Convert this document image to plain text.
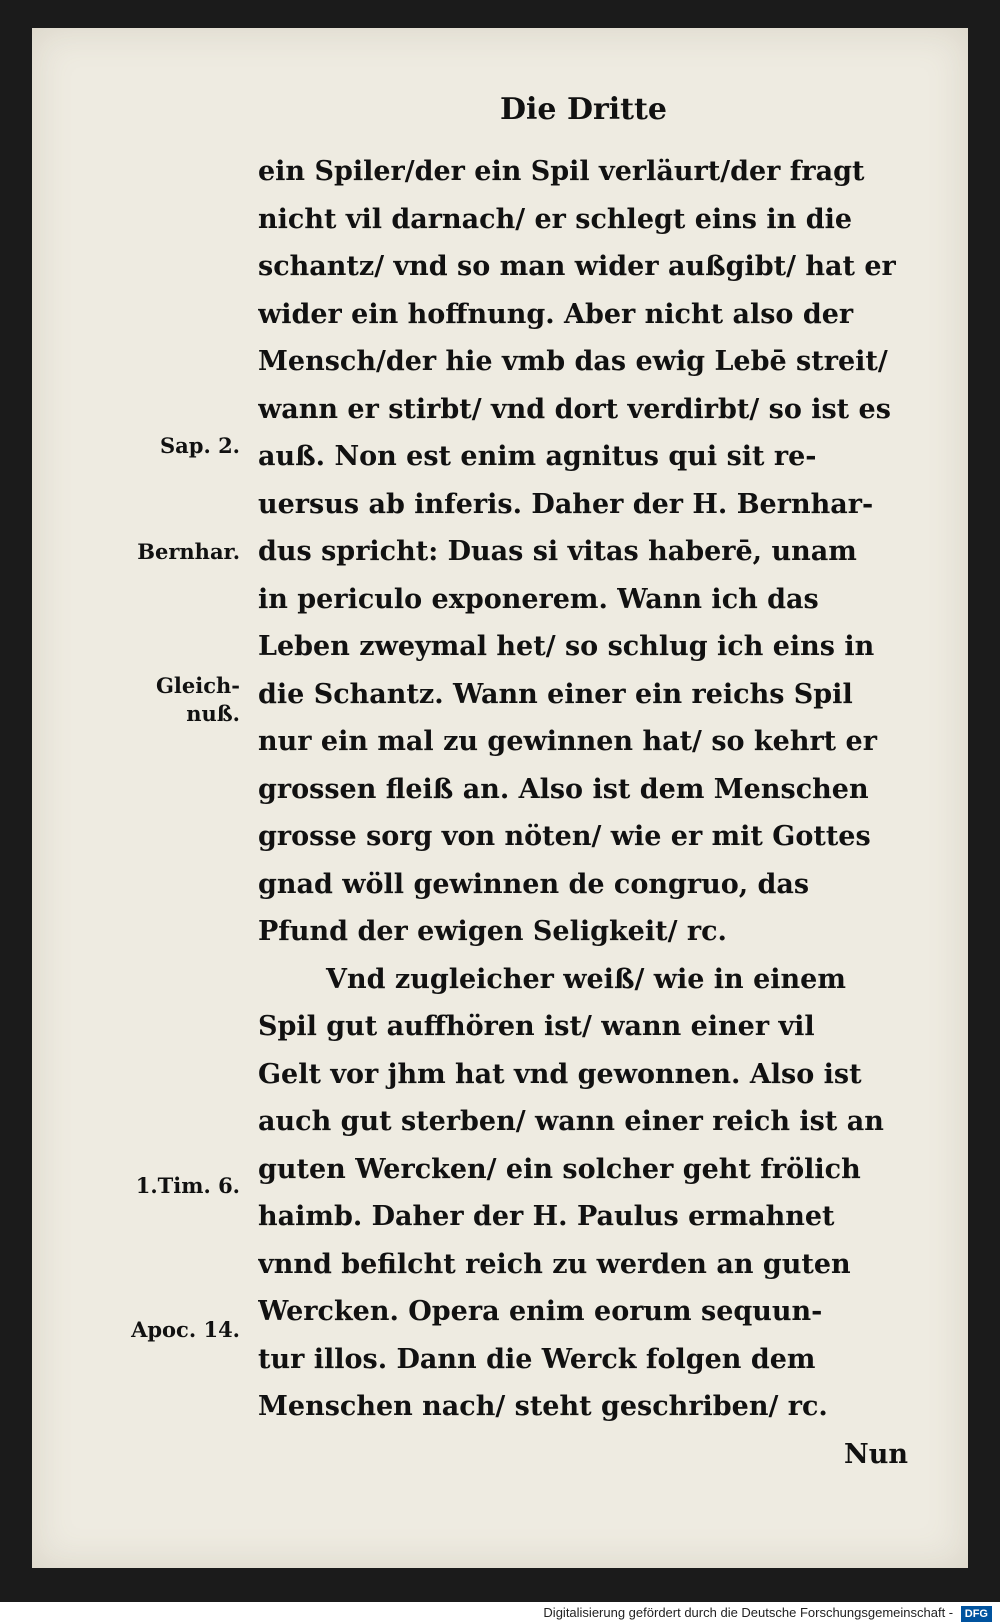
Die Dritte
ein Spiler/der ein Spil verläurt/der fragt
nicht vil darnach/ er schlegt eins in die
schantz/ vnd so man wider außgibt/ hat er
wider ein hoffnung. Aber nicht also der
Mensch/der hie vmb das ewig Lebē streit/
wann er stirbt/ vnd dort verdirbt/ so ist es
auß. Non est enim agnitus qui sit re-
uersus ab inferis. Daher der H. Bernhar-
dus spricht: Duas si vitas haberē, unam
in periculo exponerem. Wann ich das
Leben zweymal het/ so schlug ich eins in
die Schantz. Wann einer ein reichs Spil
nur ein mal zu gewinnen hat/ so kehrt er
grossen fleiß an. Also ist dem Menschen
grosse sorg von nöten/ wie er mit Gottes
gnad wöll gewinnen de congruo, das
Pfund der ewigen Seligkeit/ rc.
Vnd zugleicher weiß/ wie in einem
Spil gut auffhören ist/ wann einer vil
Gelt vor jhm hat vnd gewonnen. Also ist
auch gut sterben/ wann einer reich ist an
guten Wercken/ ein solcher geht frölich
haimb. Daher der H. Paulus ermahnet
vnnd befilcht reich zu werden an guten
Wercken. Opera enim eorum sequun-
tur illos. Dann die Werck folgen dem
Menschen nach/ steht geschriben/ rc.
Nun
Sap. 2.
Bernhar.
Gleich-
nuß.
1.Tim. 6.
Apoc. 14.
Digitalisierung gefördert durch die Deutsche Forschungsgemeinschaft - DFG
